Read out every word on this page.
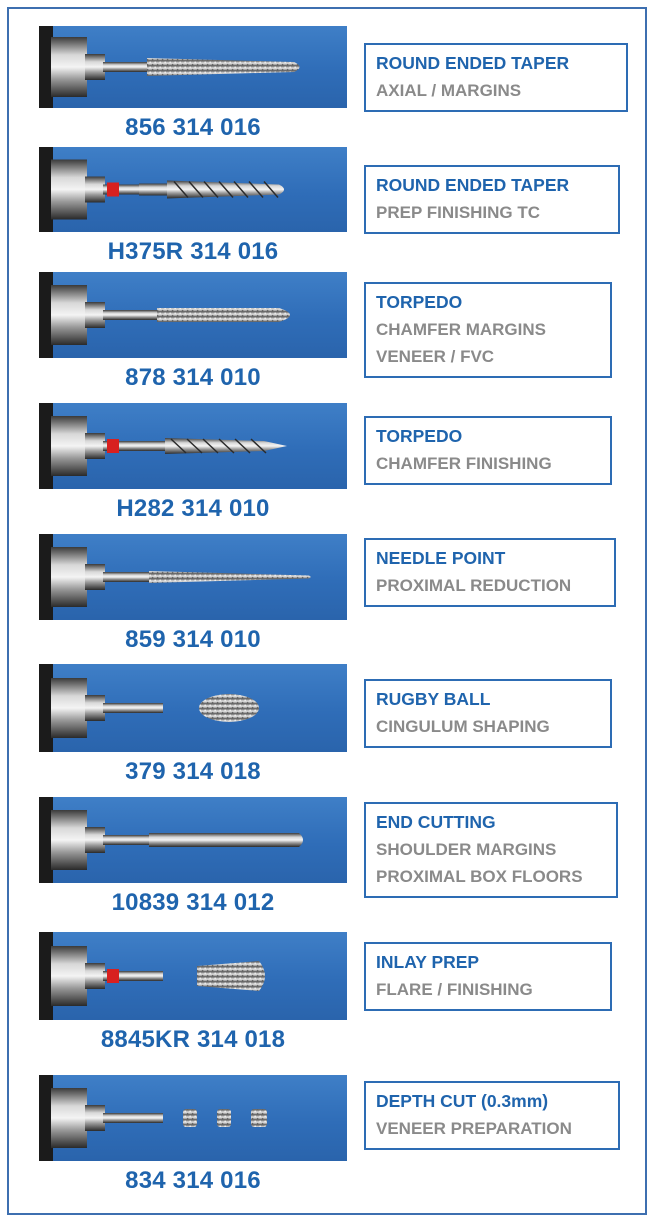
856 314 016
ROUND ENDED TAPER
AXIAL / MARGINS
H375R 314 016
ROUND ENDED TAPER
PREP FINISHING TC
878 314 010
TORPEDO
CHAMFER MARGINS
VENEER / FVC
H282 314 010
TORPEDO
CHAMFER FINISHING
859 314 010
NEEDLE POINT
PROXIMAL REDUCTION
379 314 018
RUGBY BALL
CINGULUM SHAPING
10839 314 012
END CUTTING
SHOULDER MARGINS
PROXIMAL BOX FLOORS
8845KR 314 018
INLAY PREP
FLARE / FINISHING
834 314 016
DEPTH CUT (0.3mm)
VENEER PREPARATION
